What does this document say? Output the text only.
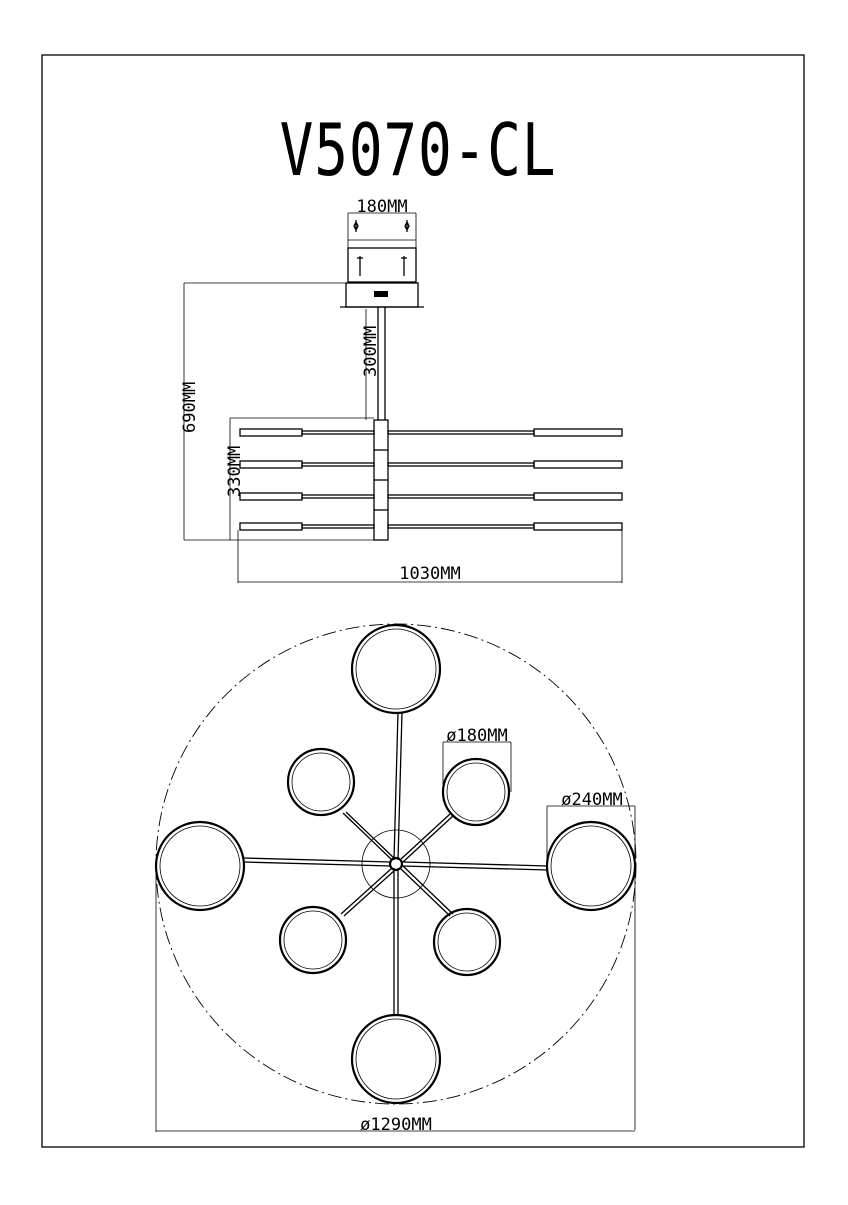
V5070-CL
180MM
300MM
690MM
330MM
1030MM
ø180MM
ø240MM
ø1290MM
